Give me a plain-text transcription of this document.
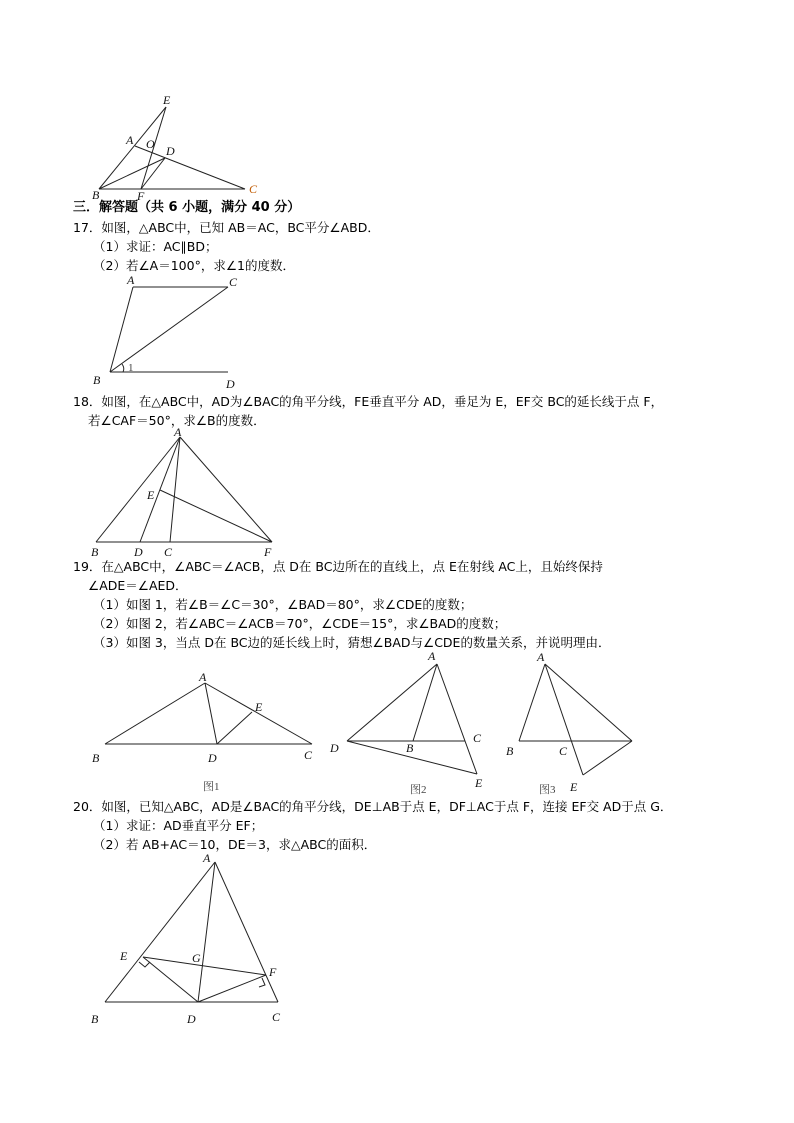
E
A O D
B	F	C
A	C
B	D
1
A
E
B	D C	F
A
E
B	D	C
图1
A
D	B
C
E
图2
A
B	C
E
图3
A
E	G
F
B	D	C
三．解答题（共 6 小题，满分 40 分）
17．如图，△ABC中，已知 AB＝AC，BC平分∠ABD．
（1）求证：AC∥BD；
（2）若∠A＝100°，求∠1的度数．
18．如图，在△ABC中，AD为∠BAC的角平分线，FE垂直平分 AD，垂足为 E，EF交 BC的延长线于点 F，
若∠CAF＝50°，求∠B的度数．
19．在△ABC中，∠ABC＝∠ACB，点 D在 BC边所在的直线上，点 E在射线 AC上，且始终保持
∠ADE＝∠AED．
（1）如图 1，若∠B＝∠C＝30°，∠BAD＝80°，求∠CDE的度数；
（2）如图 2，若∠ABC＝∠ACB＝70°，∠CDE＝15°，求∠BAD的度数；
（3）如图 3，当点 D在 BC边的延长线上时，猜想∠BAD与∠CDE的数量关系，并说明理由．
20．如图，已知△ABC，AD是∠BAC的角平分线，DE⊥AB于点 E，DF⊥AC于点 F，连接 EF交 AD于点 G．
（1）求证：AD垂直平分 EF；
（2）若 AB+AC＝10，DE＝3，求△ABC的面积．
